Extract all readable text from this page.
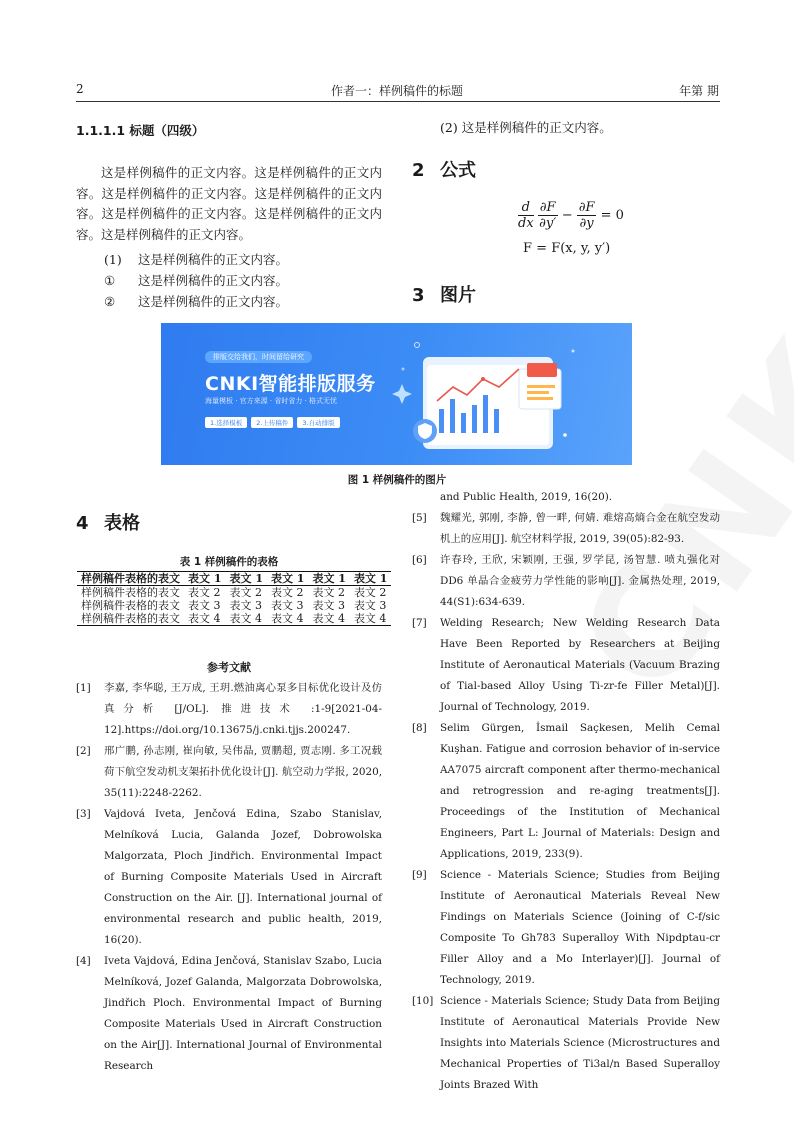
2	作者一：样例稿件的标题	年第 期
1.1.1.1 标题（四级）
这是样例稿件的正文内容。这是样例稿件的正文内容。这是样例稿件的正文内容。这是样例稿件的正文内容。这是样例稿件的正文内容。这是样例稿件的正文内容。这是样例稿件的正文内容。
(1) 这是样例稿件的正文内容。
① 这是样例稿件的正文内容。
② 这是样例稿件的正文内容。
(2) 这是样例稿件的正文内容。
2 公式
$\frac{d}{dx}$
$\frac{\partial F}{\partial y'} - \frac{\partial F}{\partial y} = 0$
F = F(x, y, y′)
3 图片
排版交给我们，时间留给研究
CNKI智能排版服务
海量模板 · 官方来源 · 省时省力 · 格式无忧
1.选择模板	2.上传稿件	3.自动排版
图 1 样例稿件的图片
4 表格
表 1 样例稿件的表格
样例稿件表格的表文	表文 1	表文 1	表文 1	表文 1	表文 1
样例稿件表格的表文	表文 2	表文 2	表文 2	表文 2	表文 2
样例稿件表格的表文	表文 3	表文 3	表文 3	表文 3	表文 3
样例稿件表格的表文	表文 4	表文 4	表文 4	表文 4	表文 4
参考文献
[1]	李嘉, 李华聪, 王万成, 王玥.燃油离心泵多目标优化设计及仿真分析 [J/OL]. 推进技术 :1-9[2021-04-12].https://doi.org/10.13675/j.cnki.tjjs.200247.
[2]	邢广鹏, 孙志刚, 崔向敏, 吴伟晶, 贾鹏超, 贾志刚. 多工况载荷下航空发动机支架拓扑优化设计[J]. 航空动力学报, 2020, 35(11):2248-2262.
[3]	Vajdová Iveta, Jenčová Edina, Szabo Stanislav, Melníková Lucia, Galanda Jozef, Dobrowolska Malgorzata, Ploch Jindřich. Environmental Impact of Burning Composite Materials Used in Aircraft Construction on the Air. [J]. International journal of environmental research and public health, 2019, 16(20).
[4]	Iveta Vajdová, Edina Jenčová, Stanislav Szabo, Lucia Melníková, Jozef Galanda, Malgorzata Dobrowolska, Jindřich Ploch. Environmental Impact of Burning Composite Materials Used in Aircraft Construction on the Air[J]. International Journal of Environmental Research
and Public Health, 2019, 16(20).
[5]	魏耀光, 郭刚, 李静, 曾一畔, 何婧. 难熔高熵合金在航空发动机上的应用[J]. 航空材料学报, 2019, 39(05):82-93.
[6]	许春玲, 王欣, 宋颖刚, 王强, 罗学昆, 汤智慧. 喷丸强化对 DD6 单晶合金疲劳力学性能的影响[J]. 金属热处理, 2019, 44(S1):634-639.
[7]	Welding Research; New Welding Research Data Have Been Reported by Researchers at Beijing Institute of Aeronautical Materials (Vacuum Brazing of Tial-based Alloy Using Ti-zr-fe Filler Metal)[J]. Journal of Technology, 2019.
[8]	Selim Gürgen, İsmail Saçkesen, Melih Cemal Kuşhan. Fatigue and corrosion behavior of in-service AA7075 aircraft component after thermo-mechanical and retrogression and re-aging treatments[J]. Proceedings of the Institution of Mechanical Engineers, Part L: Journal of Materials: Design and Applications, 2019, 233(9).
[9]	Science - Materials Science; Studies from Beijing Institute of Aeronautical Materials Reveal New Findings on Materials Science (Joining of C-f/sic Composite To Gh783 Superalloy With Nipdptau-cr Filler Alloy and a Mo Interlayer)[J]. Journal of Technology, 2019.
[10] Science - Materials Science; Study Data from Beijing Institute of Aeronautical Materials Provide New Insights into Materials Science (Microstructures and Mechanical Properties of Ti3al/n Based Superalloy Joints Brazed With
